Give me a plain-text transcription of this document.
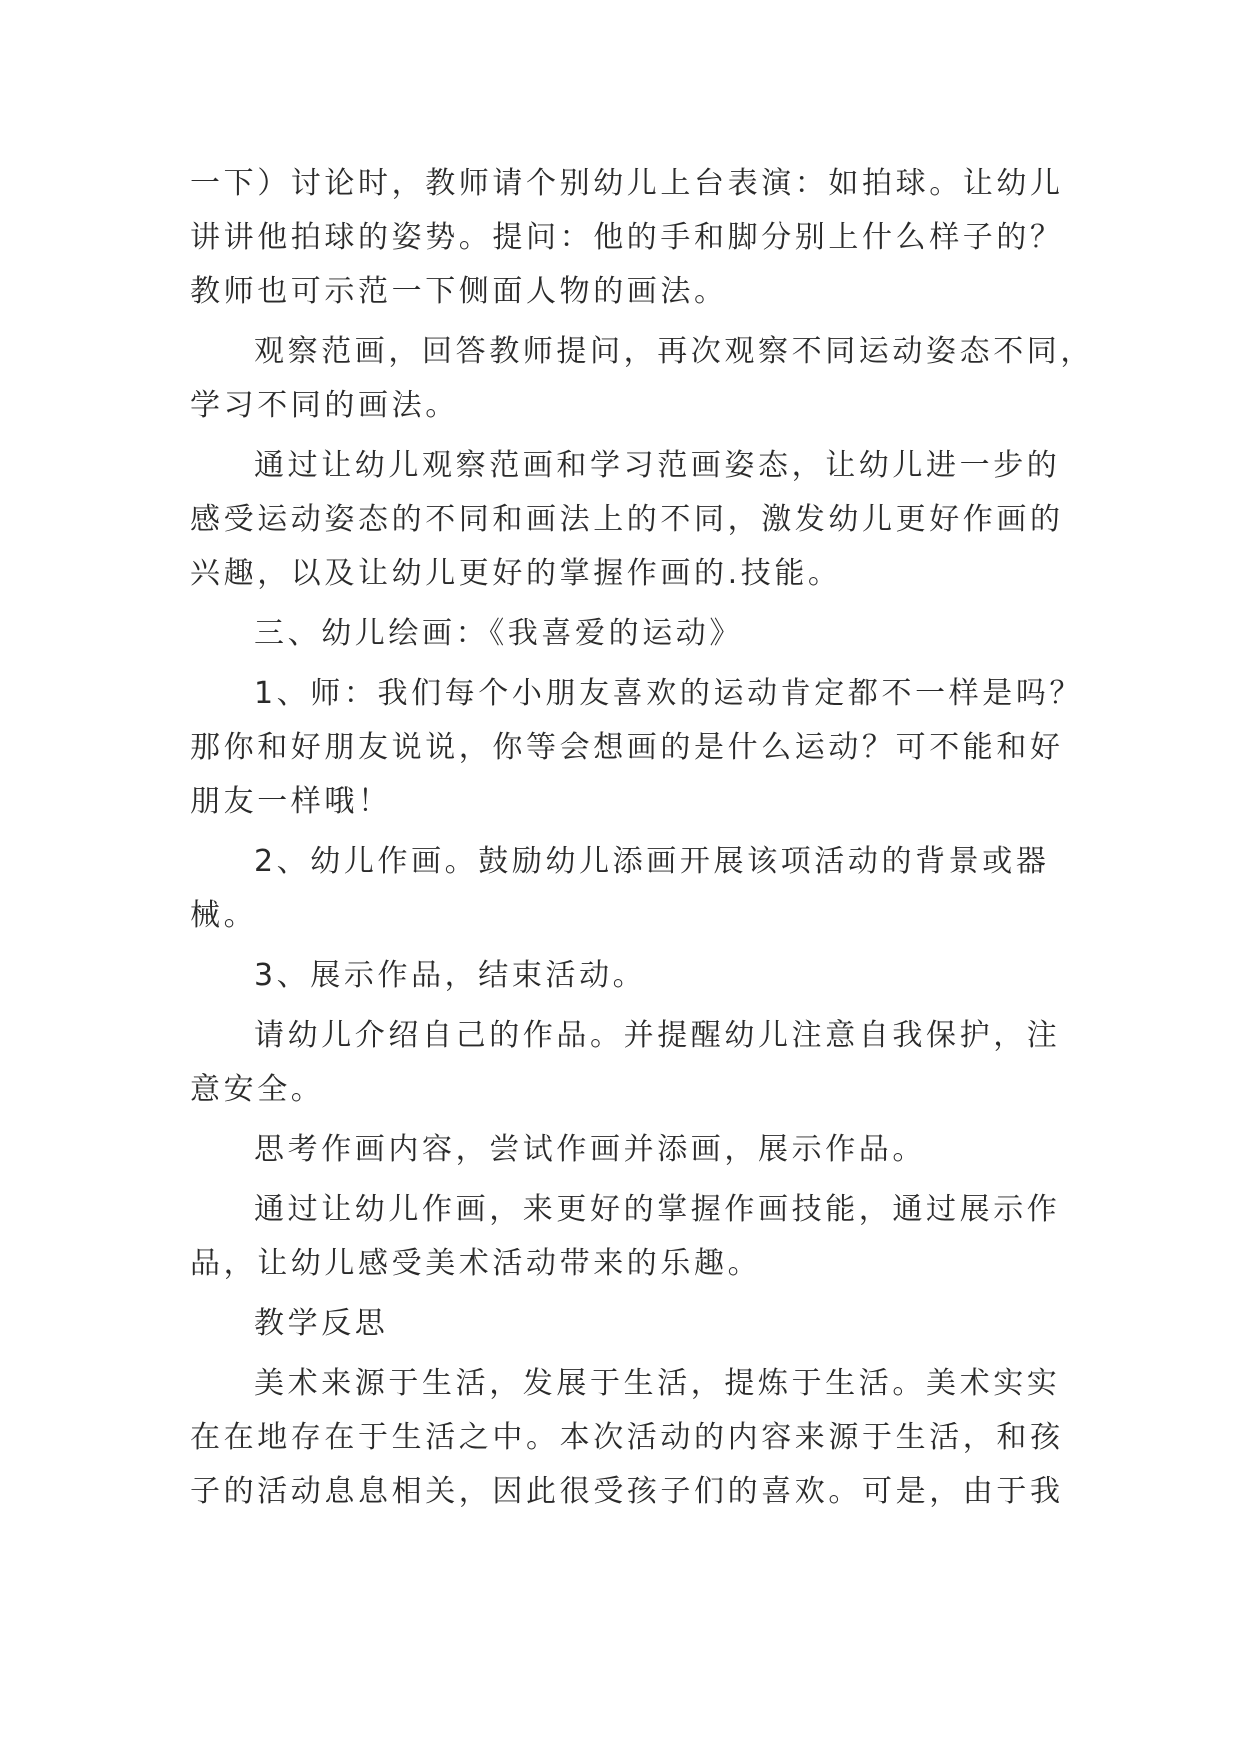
一下）讨论时，教师请个别幼儿上台表演：如拍球。让幼儿
讲讲他拍球的姿势。提问：他的手和脚分别上什么样子的？
教师也可示范一下侧面人物的画法。
观察范画，回答教师提问，再次观察不同运动姿态不同，
学习不同的画法。
通过让幼儿观察范画和学习范画姿态，让幼儿进一步的
感受运动姿态的不同和画法上的不同，激发幼儿更好作画的
兴趣，以及让幼儿更好的掌握作画的.技能。
三、幼儿绘画：《我喜爱的运动》
1、师：我们每个小朋友喜欢的运动肯定都不一样是吗？
那你和好朋友说说，你等会想画的是什么运动？可不能和好
朋友一样哦！
2、幼儿作画。鼓励幼儿添画开展该项活动的背景或器
械。
3、展示作品，结束活动。
请幼儿介绍自己的作品。并提醒幼儿注意自我保护，注
意安全。
思考作画内容，尝试作画并添画，展示作品。
通过让幼儿作画，来更好的掌握作画技能，通过展示作
品，让幼儿感受美术活动带来的乐趣。
教学反思
美术来源于生活，发展于生活，提炼于生活。美术实实
在在地存在于生活之中。本次活动的内容来源于生活，和孩
子的活动息息相关，因此很受孩子们的喜欢。可是，由于我
